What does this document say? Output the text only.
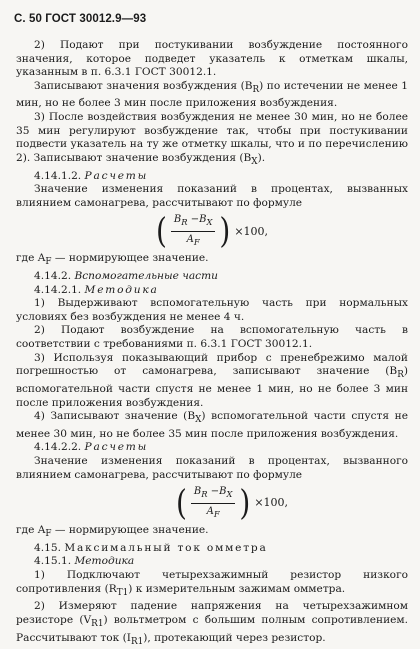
С. 50 ГОСТ 30012.9—93

2) Подают при постукивании возбуждение постоянного значения, которое подведет указатель к отметкам шкалы, указанным в п. 6.3.1 ГОСТ 30012.1.

Записывают значения возбуждения $(B_R)$ по истечении не менее 1 мин, но не более 3 мин после приложения возбуждения.

3) После воздействия возбуждения не менее 30 мин, но не более 35 мин регулируют возбуждение так, чтобы при постукивании подвести указатель на ту же отметку шкалы, что и по перечислению 2). Записывают значение возбуждения $(B_X)$.

4.14.1.2. Расчеты

Значение изменения показаний в процентах, вызванных влиянием самонагрева, рассчитывают по формуле

( $\frac{B_R -B_X}{A_F}$ ) ×100,

где $A_F$ — нормирующее значение.

4.14.2. Вспомогательные части

4.14.2.1. Методика

1) Выдерживают вспомогательную часть при нормальных условиях без возбуждения не менее 4 ч.

2) Подают возбуждение на вспомогательную часть в соответствии с требованиями п. 6.3.1 ГОСТ 30012.1.

3) Используя показывающий прибор с пренебрежимо малой погрешностью от самонагрева, записывают значение $(B_R)$ вспомогательной части спустя не менее 1 мин, но не более 3 мин после приложения возбуждения.

4) Записывают значение $(B_X)$ вспомогательной части спустя не менее 30 мин, но не более 35 мин после приложения возбуждения.

4.14.2.2. Расчеты

Значение изменения показаний в процентах, вызванного влиянием самонагрева, рассчитывают по формуле

( $\frac{B_R -B_X}{A_F}$ ) ×100,

где $A_F$ — нормирующее значение.

4.15. Максимальный ток омметра

4.15.1. Методика

1) Подключают четырехзажимный резистор низкого сопротивления $(R_{T1})$ к измерительным зажимам омметра.

2) Измеряют падение напряжения на четырехзажимном резисторе $(V_{R1})$ вольтметром с большим полным сопротивлением. Рассчитывают ток $(I_{R1})$, протекающий через резистор.
